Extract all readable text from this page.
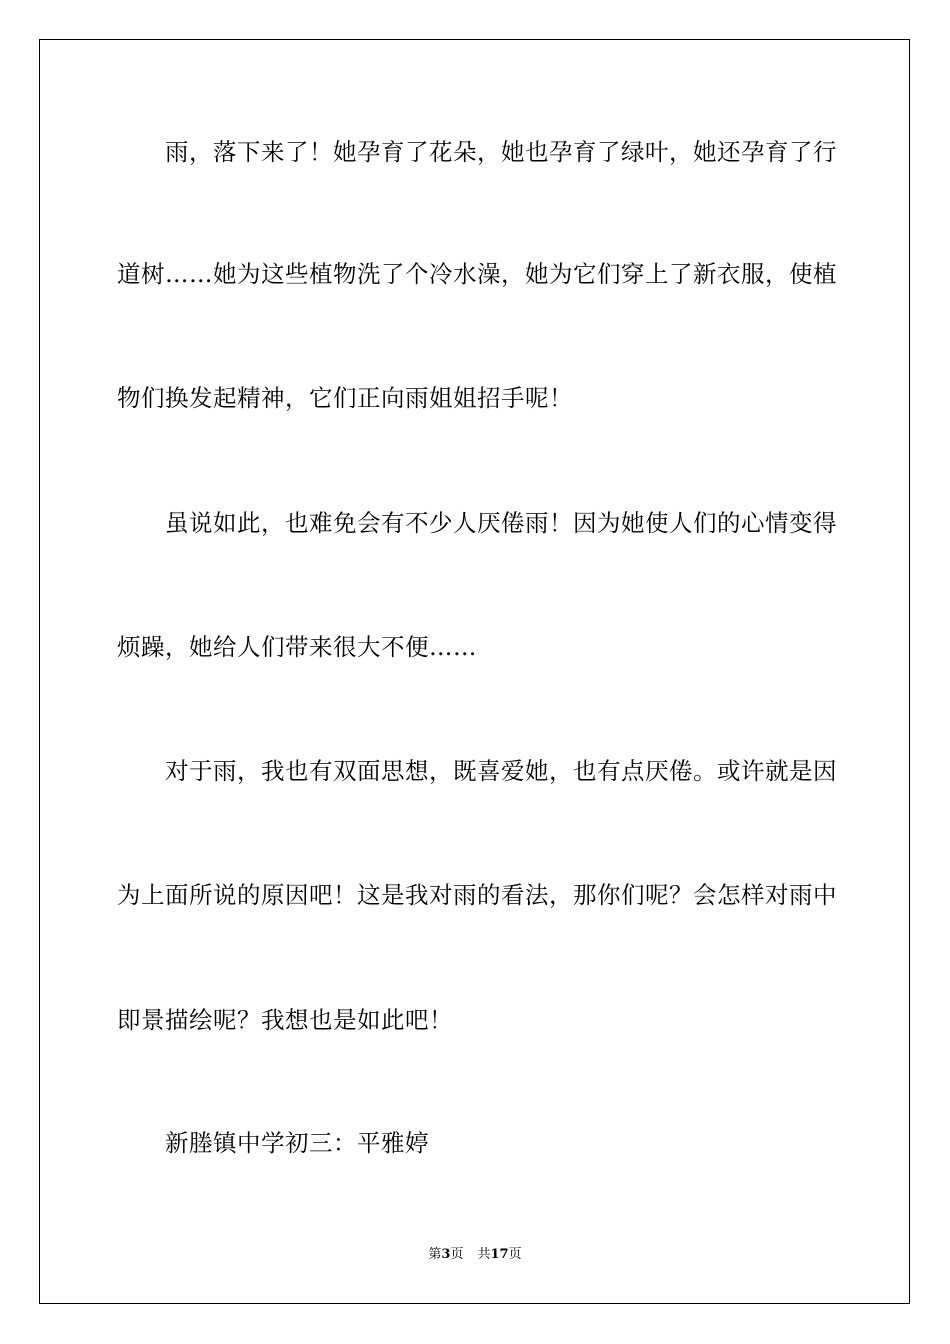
雨，落下来了！她孕育了花朵，她也孕育了绿叶，她还孕育了行
道树……她为这些植物洗了个冷水澡，她为它们穿上了新衣服，使植
物们换发起精神，它们正向雨姐姐招手呢！
虽说如此，也难免会有不少人厌倦雨！因为她使人们的心情变得
烦躁，她给人们带来很大不便……
对于雨，我也有双面思想，既喜爱她，也有点厌倦。或许就是因
为上面所说的原因吧！这是我对雨的看法，那你们呢？会怎样对雨中
即景描绘呢？我想也是如此吧！
新塍镇中学初三：平雅婷
第3页 共17页
